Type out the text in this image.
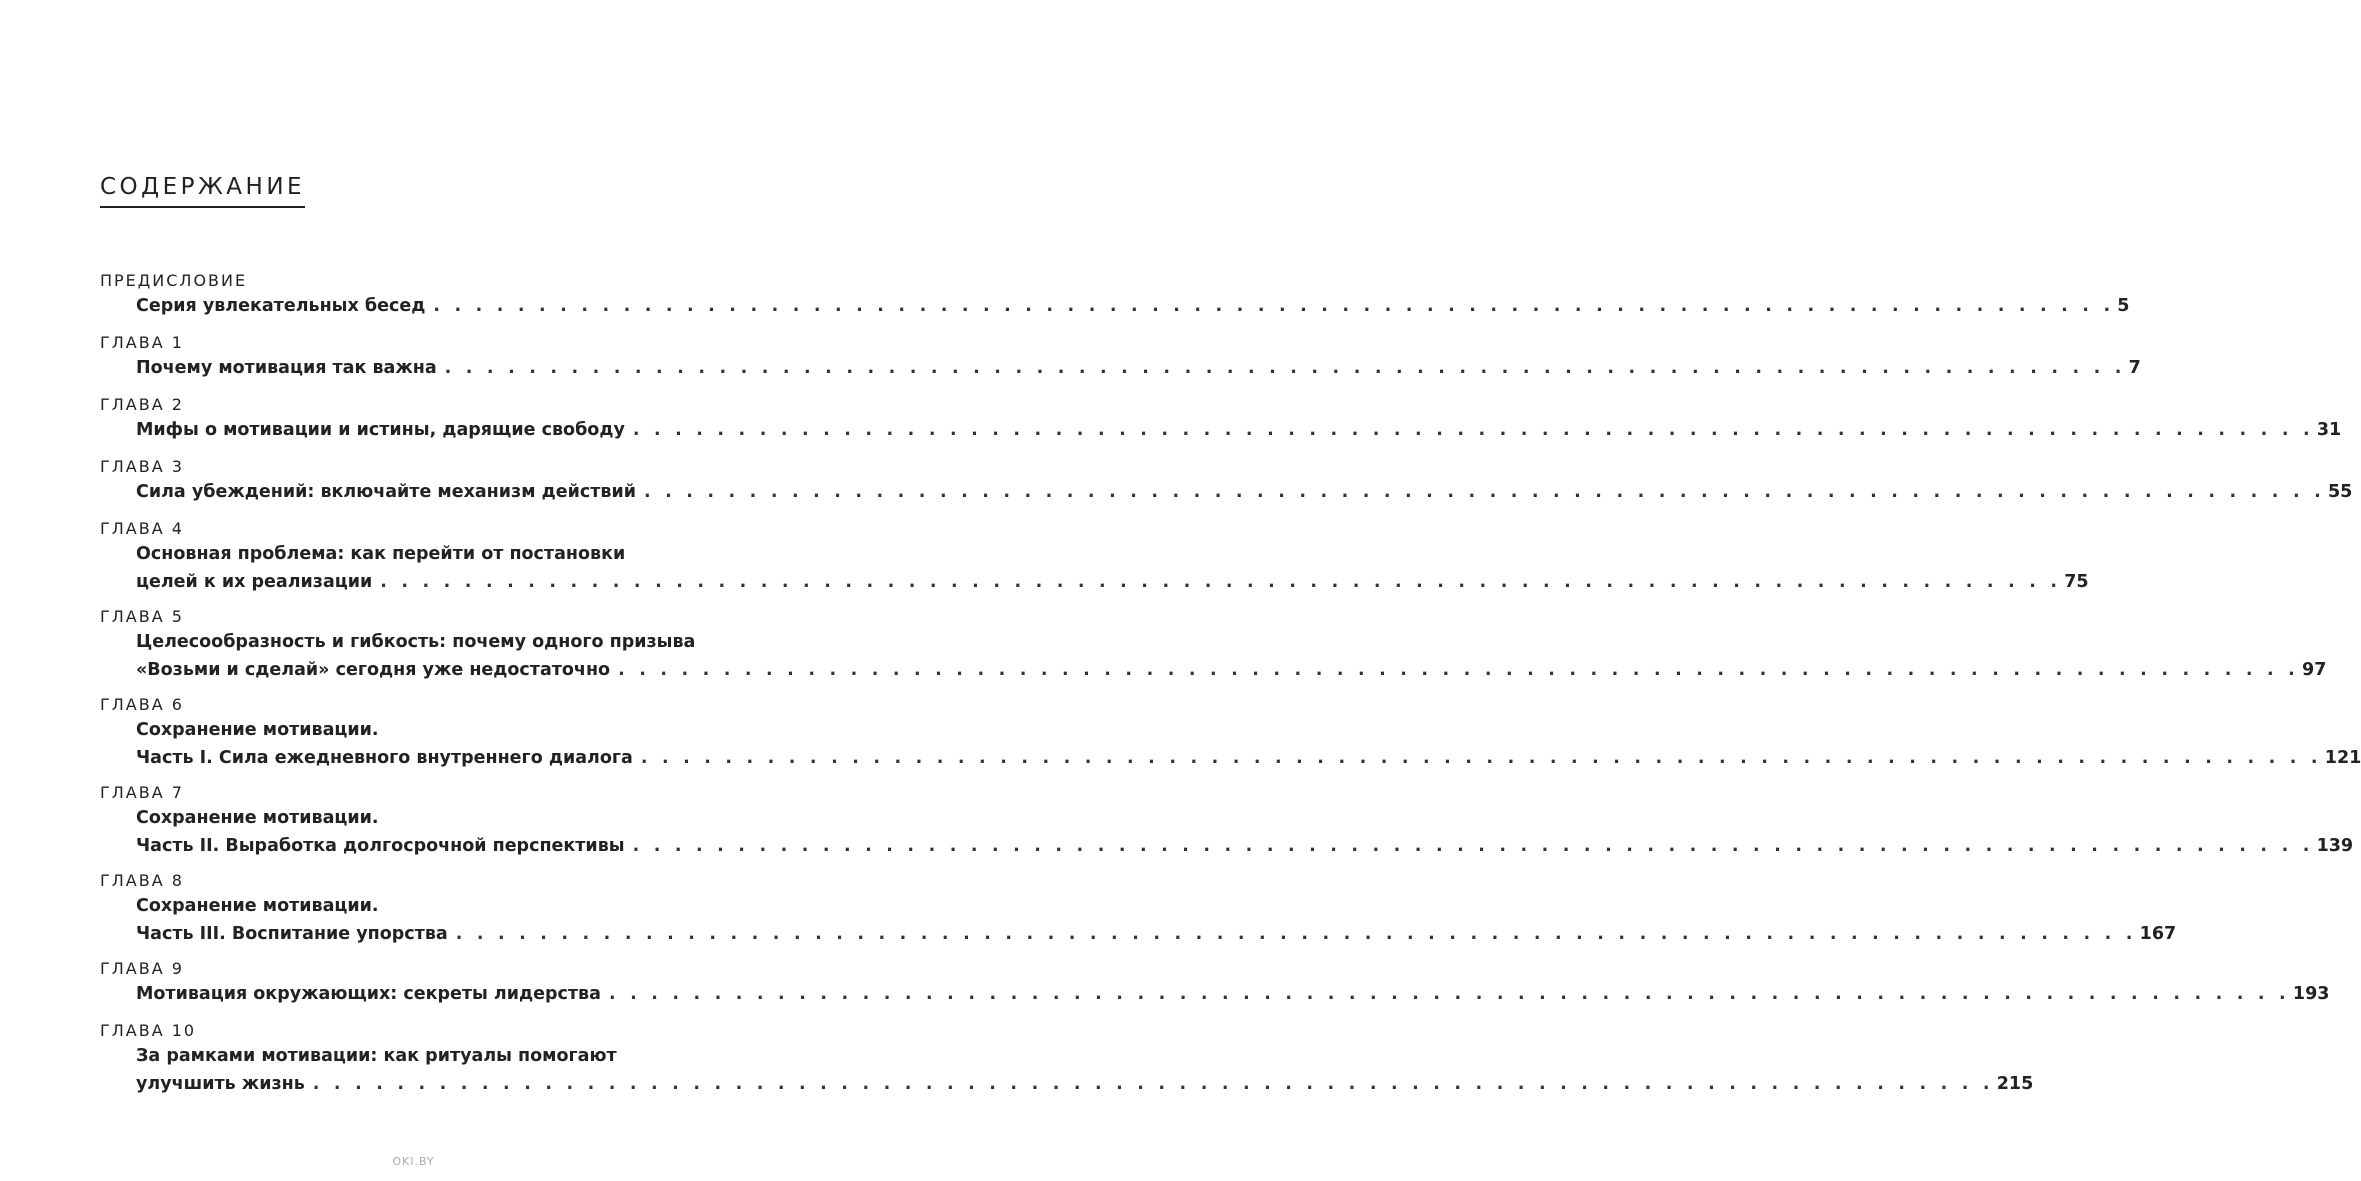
СОДЕРЖАНИЕ
ПРЕДИСЛОВИЕ
Серия увлекательных бесед . . . . . . . . . . . . . . . . . . . . . . . . . . . . . . . . . . . . . . . . . . . . . . . . . . . . . . . . . . . . . . . . . . . . . . . . . . . . . . . . 5
ГЛАВА 1
Почему мотивация так важна . . . . . . . . . . . . . . . . . . . . . . . . . . . . . . . . . . . . . . . . . . . . . . . . . . . . . . . . . . . . . . . . . . . . . . . . . . . . . . . . 7
ГЛАВА 2
Мифы о мотивации и истины, дарящие свободу . . . . . . . . . . . . . . . . . . . . . . . . . . . . . . . . . . . . . . . . . . . . . . . . . . . . . . . . . . . . . . . . . . . . . . . . . . . . . . . . 31
ГЛАВА 3
Сила убеждений: включайте механизм действий . . . . . . . . . . . . . . . . . . . . . . . . . . . . . . . . . . . . . . . . . . . . . . . . . . . . . . . . . . . . . . . . . . . . . . . . . . . . . . . . 55
ГЛАВА 4
Основная проблема: как перейти от постановки
целей к их реализации . . . . . . . . . . . . . . . . . . . . . . . . . . . . . . . . . . . . . . . . . . . . . . . . . . . . . . . . . . . . . . . . . . . . . . . . . . . . . . . . 75
ГЛАВА 5
Целесообразность и гибкость: почему одного призыва
«Возьми и сделай» сегодня уже недостаточно . . . . . . . . . . . . . . . . . . . . . . . . . . . . . . . . . . . . . . . . . . . . . . . . . . . . . . . . . . . . . . . . . . . . . . . . . . . . . . . . 97
ГЛАВА 6
Сохранение мотивации.
Часть I. Сила ежедневного внутреннего диалога . . . . . . . . . . . . . . . . . . . . . . . . . . . . . . . . . . . . . . . . . . . . . . . . . . . . . . . . . . . . . . . . . . . . . . . . . . . . . . . . 121
ГЛАВА 7
Сохранение мотивации.
Часть II. Выработка долгосрочной перспективы . . . . . . . . . . . . . . . . . . . . . . . . . . . . . . . . . . . . . . . . . . . . . . . . . . . . . . . . . . . . . . . . . . . . . . . . . . . . . . . . 139
ГЛАВА 8
Сохранение мотивации.
Часть III. Воспитание упорства . . . . . . . . . . . . . . . . . . . . . . . . . . . . . . . . . . . . . . . . . . . . . . . . . . . . . . . . . . . . . . . . . . . . . . . . . . . . . . . . 167
ГЛАВА 9
Мотивация окружающих: секреты лидерства . . . . . . . . . . . . . . . . . . . . . . . . . . . . . . . . . . . . . . . . . . . . . . . . . . . . . . . . . . . . . . . . . . . . . . . . . . . . . . . . 193
ГЛАВА 10
За рамками мотивации: как ритуалы помогают
улучшить жизнь . . . . . . . . . . . . . . . . . . . . . . . . . . . . . . . . . . . . . . . . . . . . . . . . . . . . . . . . . . . . . . . . . . . . . . . . . . . . . . . . 215
OKI.BY
